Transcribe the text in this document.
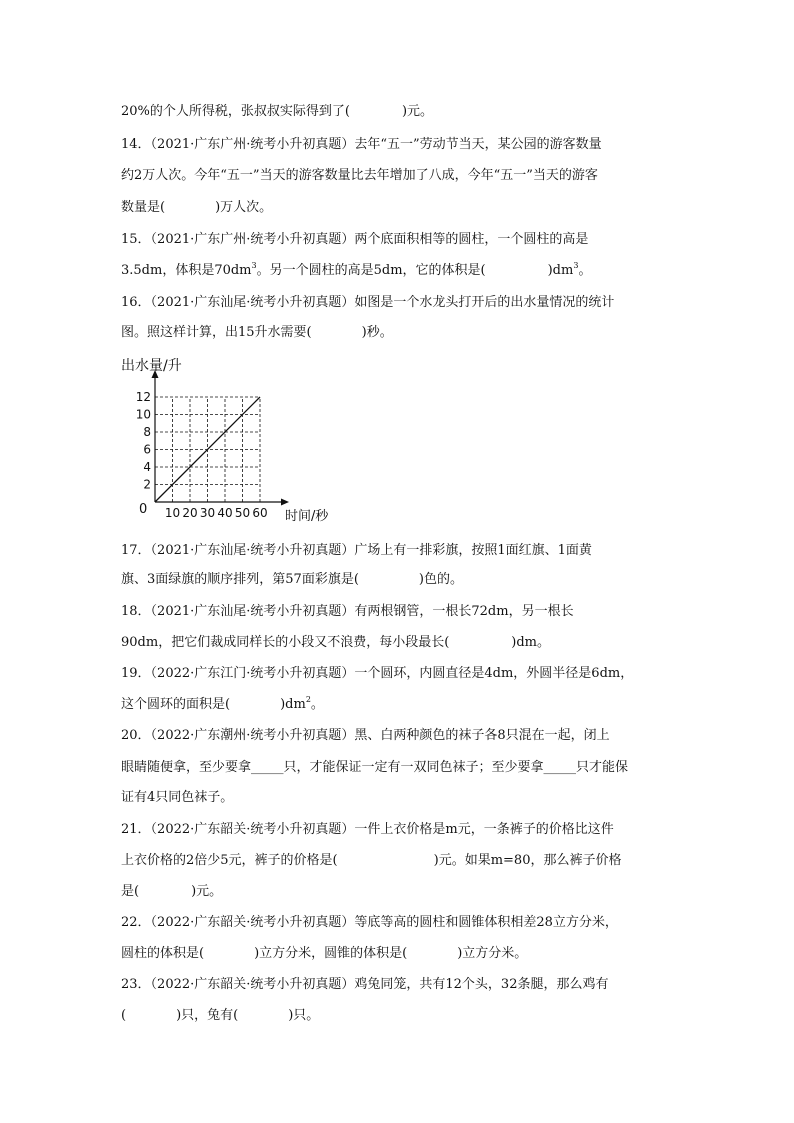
20%的个人所得税，张叔叔实际得到了(	)元。
14．（2021·广东广州·统考小升初真题）去年“五一”劳动节当天，某公园的游客数量
约2万人次。今年“五一”当天的游客数量比去年增加了八成，今年“五一”当天的游客
数量是(	)万人次。
15．（2021·广东广州·统考小升初真题）两个底面积相等的圆柱，一个圆柱的高是
3.5dm，体积是$70dm^3$。另一个圆柱的高是5dm，它的体积是(	)$dm^3$。
16．（2021·广东汕尾·统考小升初真题）如图是一个水龙头打开后的出水量情况的统计
图。照这样计算，出15升水需要(	)秒。
10 20 30 40 50 60
2
4
6
8
10
12
出水量/升
时间/秒
0
17．（2021·广东汕尾·统考小升初真题）广场上有一排彩旗，按照1面红旗、1面黄
旗、3面绿旗的顺序排列，第57面彩旗是(	)色的。
18．（2021·广东汕尾·统考小升初真题）有两根钢管，一根长72dm，另一根长
90dm，把它们裁成同样长的小段又不浪费，每小段最长(	)dm。
19．（2022·广东江门·统考小升初真题）一个圆环，内圆直径是4dm，外圆半径是6dm，
这个圆环的面积是(	)$dm^2$。
20．（2022·广东潮州·统考小升初真题）黑、白两种颜色的袜子各8只混在一起，闭上
眼睛随便拿，至少要拿_____只，才能保证一定有一双同色袜子；至少要拿_____只才能保
证有4只同色袜子。
21．（2022·广东韶关·统考小升初真题）一件上衣价格是m元，一条裤子的价格比这件
上衣价格的2倍少5元，裤子的价格是(	)元。如果m=80，那么裤子价格
是(	)元。
22．（2022·广东韶关·统考小升初真题）等底等高的圆柱和圆锥体积相差28立方分米，
圆柱的体积是(	)立方分米，圆锥的体积是(	)立方分米。
23．（2022·广东韶关·统考小升初真题）鸡兔同笼，共有12个头，32条腿，那么鸡有
(	)只，兔有(	)只。
